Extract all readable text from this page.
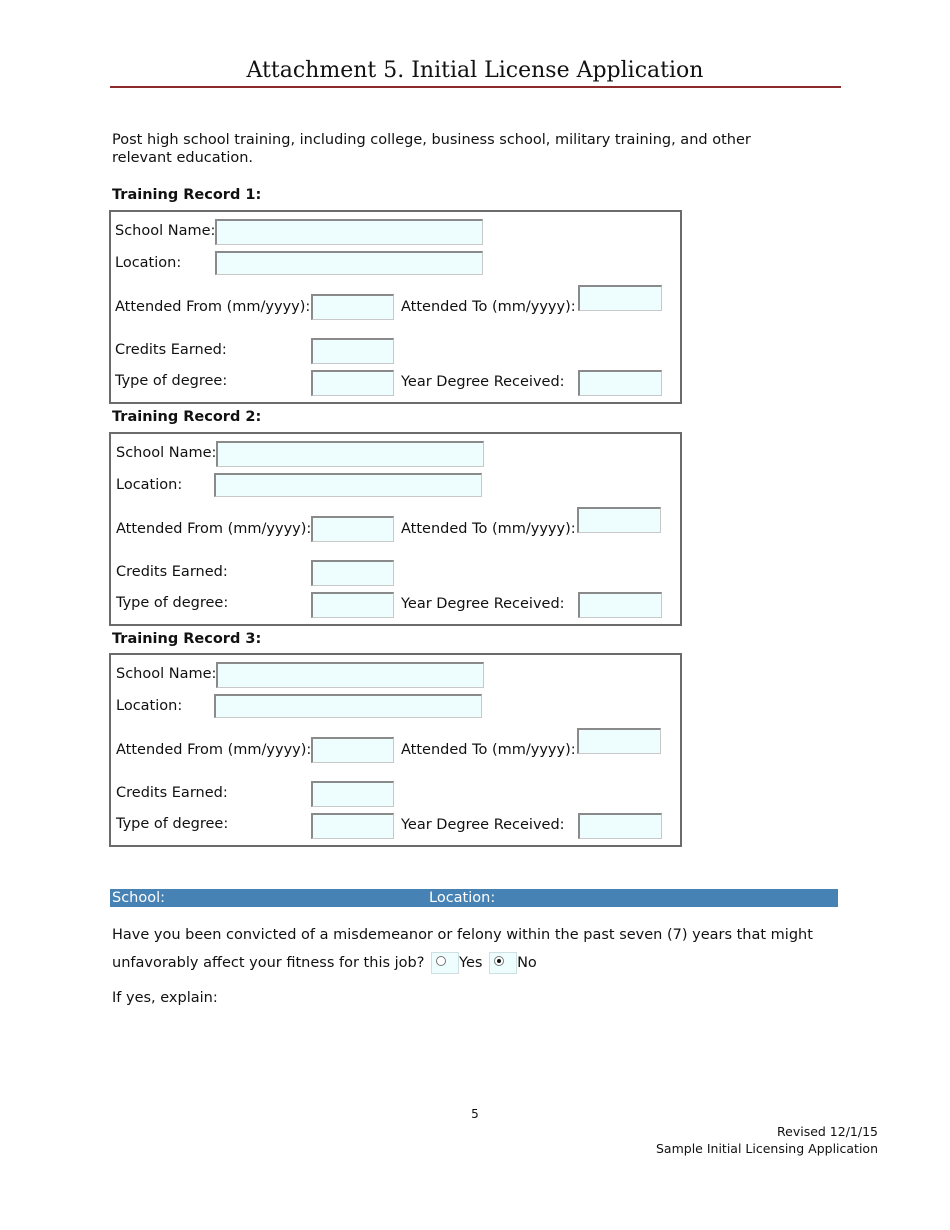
Attachment 5. Initial License Application
Post high school training, including college, business school, military training, and other relevant education.
Training Record 1:
School Name:
Location:
Attended From (mm/yyyy):	Attended To (mm/yyyy):
Credits Earned:
Type of degree:	Year Degree Received:
Training Record 2:
School Name:
Location:
Attended From (mm/yyyy):	Attended To (mm/yyyy):
Credits Earned:
Type of degree:	Year Degree Received:
Training Record 3:
School Name:
Location:
Attended From (mm/yyyy):	Attended To (mm/yyyy):
Credits Earned:
Type of degree:	Year Degree Received:
School:	Location:
Have you been convicted of a misdemeanor or felony within the past seven (7) years that might
unfavorably affect your fitness for this job? Yes No
If yes, explain:
5
Revised 12/1/15
Sample Initial Licensing Application
